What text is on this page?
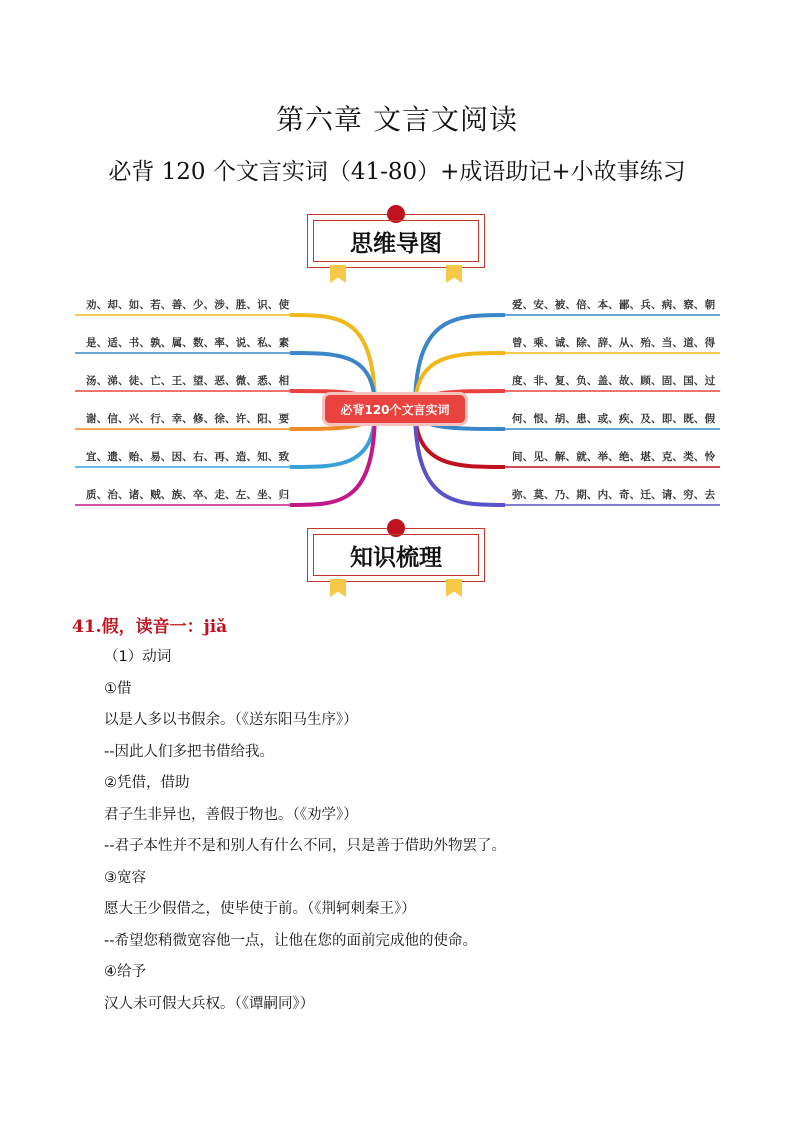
第六章 文言文阅读
必背 120 个文言实词（41-80）+成语助记+小故事练习
思维导图
劝、却、如、若、善、少、涉、胜、识、使
是、适、书、孰、属、数、率、说、私、素
汤、涕、徒、亡、王、望、恶、微、悉、相
谢、信、兴、行、幸、修、徐、许、阳、要
宜、遗、贻、易、因、右、再、造、知、致
质、治、诸、贼、族、卒、走、左、坐、归
爱、安、被、倍、本、鄙、兵、病、察、朝
曾、乘、诚、除、辞、从、殆、当、道、得
度、非、复、负、盖、故、顾、固、国、过
何、恨、胡、患、或、疾、及、即、既、假
间、见、解、就、举、绝、堪、克、类、怜
弥、莫、乃、期、内、奇、迁、请、穷、去
必背120个文言实词
知识梳理
41.假，读音一：jiǎ
（1）动词
①借
以是人多以书假余。（《送东阳马生序》）
--因此人们多把书借给我。
②凭借，借助
君子生非异也，善假于物也。（《劝学》）
--君子本性并不是和别人有什么不同，只是善于借助外物罢了。
③宽容
愿大王少假借之，使毕使于前。（《荆轲刺秦王》）
--希望您稍微宽容他一点，让他在您的面前完成他的使命。
④给予
汉人未可假大兵权。（《谭嗣同》）
